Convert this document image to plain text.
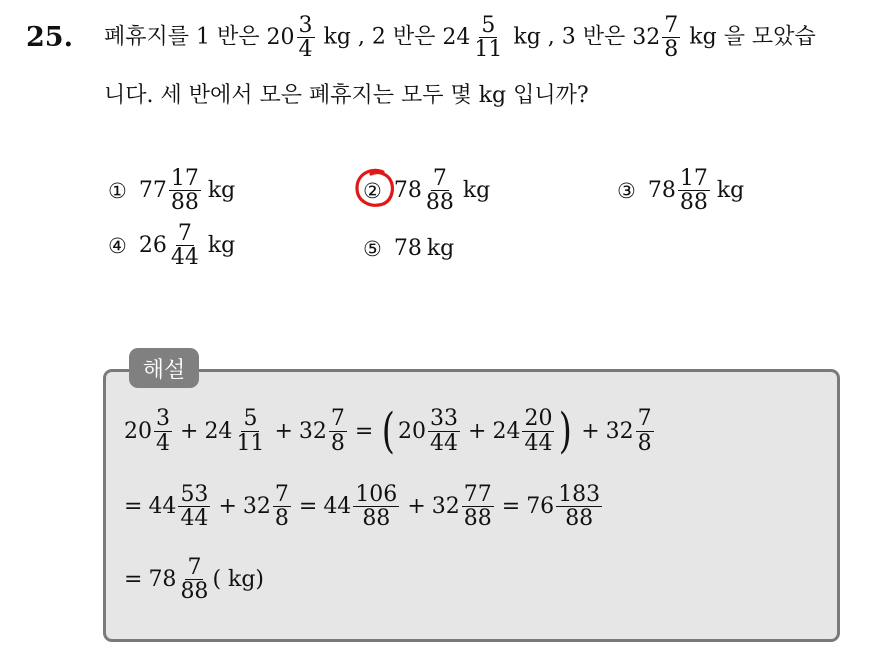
25. 폐휴지를 1 반은 $20 \frac{3}{4}$ kg , 2 반은 $24 \frac{5}{11}$ kg , 3 반은 $32 \frac{7}{8}$ kg 을 모았습
니다. 세 반에서 모은 폐휴지는 모두 몇 kg 입니까?
① $77 \frac{17}{88}$ kg	② $78 \frac{7}{88}$ kg	③ $78 \frac{17}{88}$ kg
④ $26 \frac{7}{44}$ kg	⑤ 78 kg
해설
$20 \frac{3}{4} + 24 \frac{5}{11} + 32 \frac{7}{8}$ = ( $20 \frac{33}{44} + 24 \frac{20}{44}$ ) + $32 \frac{7}{8}$
= $44 \frac{53}{44} + 32 \frac{7}{8} = 44 \frac{106}{88} + 32 \frac{77}{88} = 76 \frac{183}{88}$
= $78 \frac{7}{88}$ ( kg)
